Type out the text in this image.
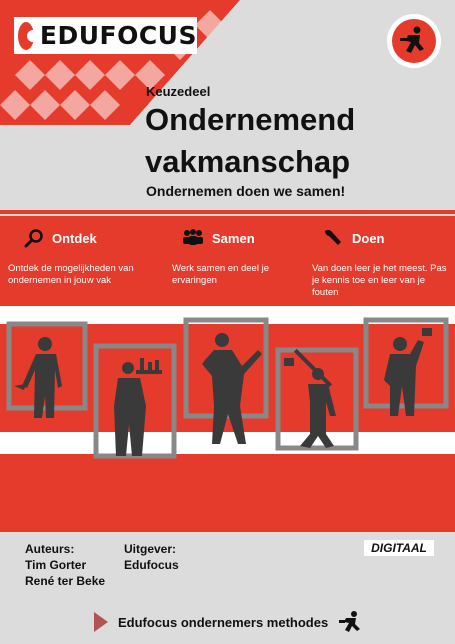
EDUFOCUS
Keuzedeel
Ondernemend
vakmanschap
Ondernemen doen we samen!
Ontdek
Ontdek de mogelijkheden van ondernemen in jouw vak
Samen
Werk samen en deel je ervaringen
Doen
Van doen leer je het meest. Pas je kennis toe en leer van je fouten
Auteurs:
Tim Gorter
René ter Beke
Uitgever:
Edufocus
DIGITAAL
Edufocus ondernemers methodes
